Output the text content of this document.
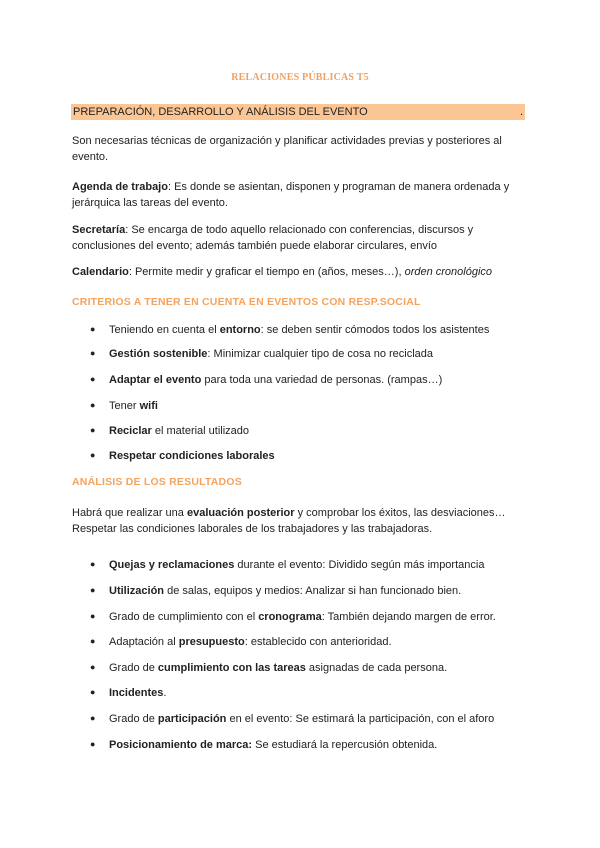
RELACIONES PÚBLICAS T5
PREPARACIÓN, DESARROLLO Y ANÁLISIS DEL EVENTO	.
Son necesarias técnicas de organización y planificar actividades previas y posteriores al evento.
Agenda de trabajo: Es donde se asientan, disponen y programan de manera ordenada y jerárquica las tareas del evento.
Secretaría: Se encarga de todo aquello relacionado con conferencias, discursos y conclusiones del evento; además también puede elaborar circulares, envío
Calendario: Permite medir y graficar el tiempo en (años, meses…), orden cronológico
CRITERIOS A TENER EN CUENTA EN EVENTOS CON RESP.SOCIAL
● Teniendo en cuenta el entorno: se deben sentir cómodos todos los asistentes
● Gestión sostenible: Minimizar cualquier tipo de cosa no reciclada
● Adaptar el evento para toda una variedad de personas. (rampas…)
● Tener wifi
● Reciclar el material utilizado
● Respetar condiciones laborales
ANÁLISIS DE LOS RESULTADOS
Habrá que realizar una evaluación posterior y comprobar los éxitos, las desviaciones… Respetar las condiciones laborales de los trabajadores y las trabajadoras.
● Quejas y reclamaciones durante el evento: Dividido según más importancia
● Utilización de salas, equipos y medios: Analizar si han funcionado bien.
● Grado de cumplimiento con el cronograma: También dejando margen de error.
● Adaptación al presupuesto: establecido con anterioridad.
● Grado de cumplimiento con las tareas asignadas de cada persona.
● Incidentes.
● Grado de participación en el evento: Se estimará la participación, con el aforo
● Posicionamiento de marca: Se estudiará la repercusión obtenida.
